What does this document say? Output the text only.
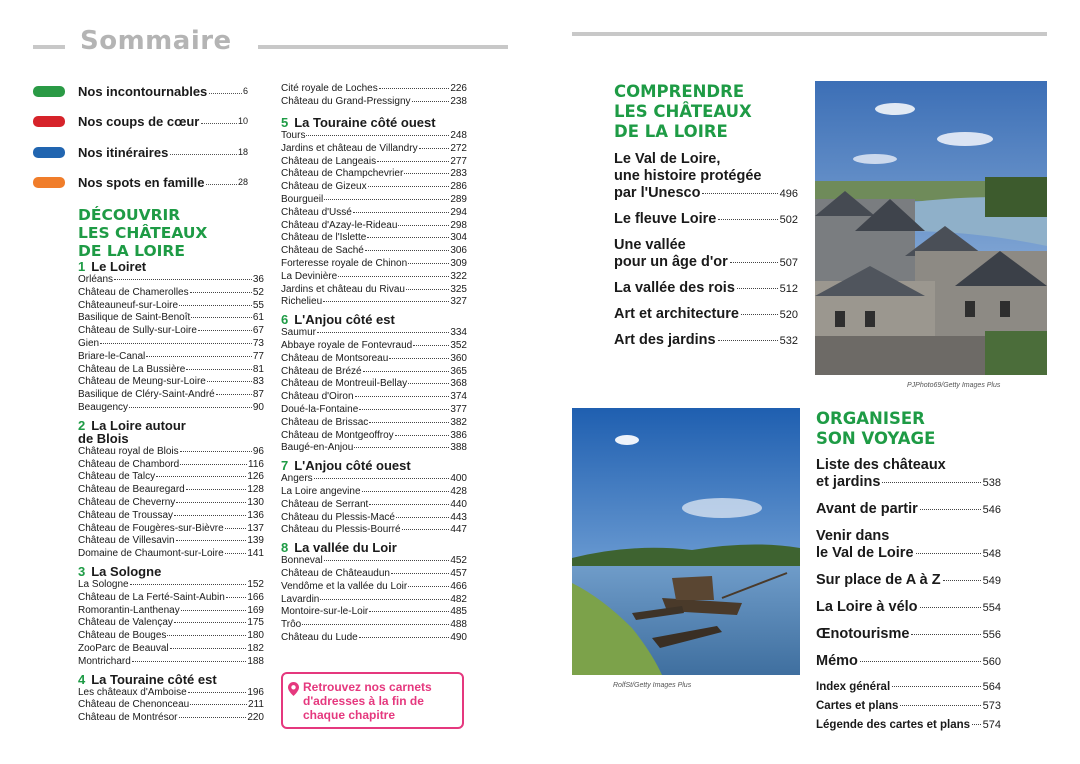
Sommaire
Nos incontournables	6
Nos coups de cœur	10
Nos itinéraires	18
Nos spots en famille	28
DÉCOUVRIR
LES CHÂTEAUX
DE LA LOIRE
1 Le Loiret
Orléans	36
Château de Chamerolles	52
Châteauneuf-sur-Loire	55
Basilique de Saint-Benoît	61
Château de Sully-sur-Loire	67
Gien	73
Briare-le-Canal	77
Château de La Bussière	81
Château de Meung-sur-Loire	83
Basilique de Cléry-Saint-André	87
Beaugency	90
2 La Loire autour
de Blois
Château royal de Blois	96
Château de Chambord	116
Château de Talcy	126
Château de Beauregard	128
Château de Cheverny	130
Château de Troussay	136
Château de Fougères-sur-Bièvre 137
Château de Villesavin	139
Domaine de Chaumont-sur-Loire 141
3 La Sologne
La Sologne	152
Château de La Ferté-Saint-Aubin 166
Romorantin-Lanthenay	169
Château de Valençay	175
Château de Bouges	180
ZooParc de Beauval	182
Montrichard	188
4 La Touraine côté est
Les châteaux d'Amboise	196
Château de Chenonceau	211
Château de Montrésor	220
Cité royale de Loches	226
Château du Grand-Pressigny	238
5 La Touraine côté ouest
Tours	248
Jardins et château de Villandry	272
Château de Langeais	277
Château de Champchevrier	283
Château de Gizeux	286
Bourgueil	289
Château d'Ussé	294
Château d'Azay-le-Rideau	298
Château de l'Islette	304
Château de Saché	306
Forteresse royale de Chinon	309
La Devinière	322
Jardins et château du Rivau	325
Richelieu	327
6 L'Anjou côté est
Saumur	334
Abbaye royale de Fontevraud	352
Château de Montsoreau	360
Château de Brézé	365
Château de Montreuil-Bellay	368
Château d'Oiron	374
Doué-la-Fontaine	377
Château de Brissac	382
Château de Montgeoffroy	386
Baugé-en-Anjou	388
7 L'Anjou côté ouest
Angers	400
La Loire angevine	428
Château de Serrant	440
Château du Plessis-Macé	443
Château du Plessis-Bourré	447
8 La vallée du Loir
Bonneval	452
Château de Châteaudun	457
Vendôme et la vallée du Loir	466
Lavardin	482
Montoire-sur-le-Loir	485
Trôo	488
Château du Lude	490
Retrouvez nos carnets
d'adresses à la fin de
chaque chapitre
COMPRENDRE
LES CHÂTEAUX
DE LA LOIRE
Le Val de Loire,
une histoire protégée
par l'Unesco	496
Le fleuve Loire	502
Une vallée
pour un âge d'or	507
La vallée des rois	512
Art et architecture	520
Art des jardins	532
PJPhoto69/Getty Images Plus
RolfSt/Getty Images Plus
ORGANISER
SON VOYAGE
Liste des châteaux
et jardins	538
Avant de partir	546
Venir dans
le Val de Loire	548
Sur place de A à Z	549
La Loire à vélo	554
Œnotourisme	556
Mémo	560
Index général	564
Cartes et plans	573
Légende des cartes et plans 574
